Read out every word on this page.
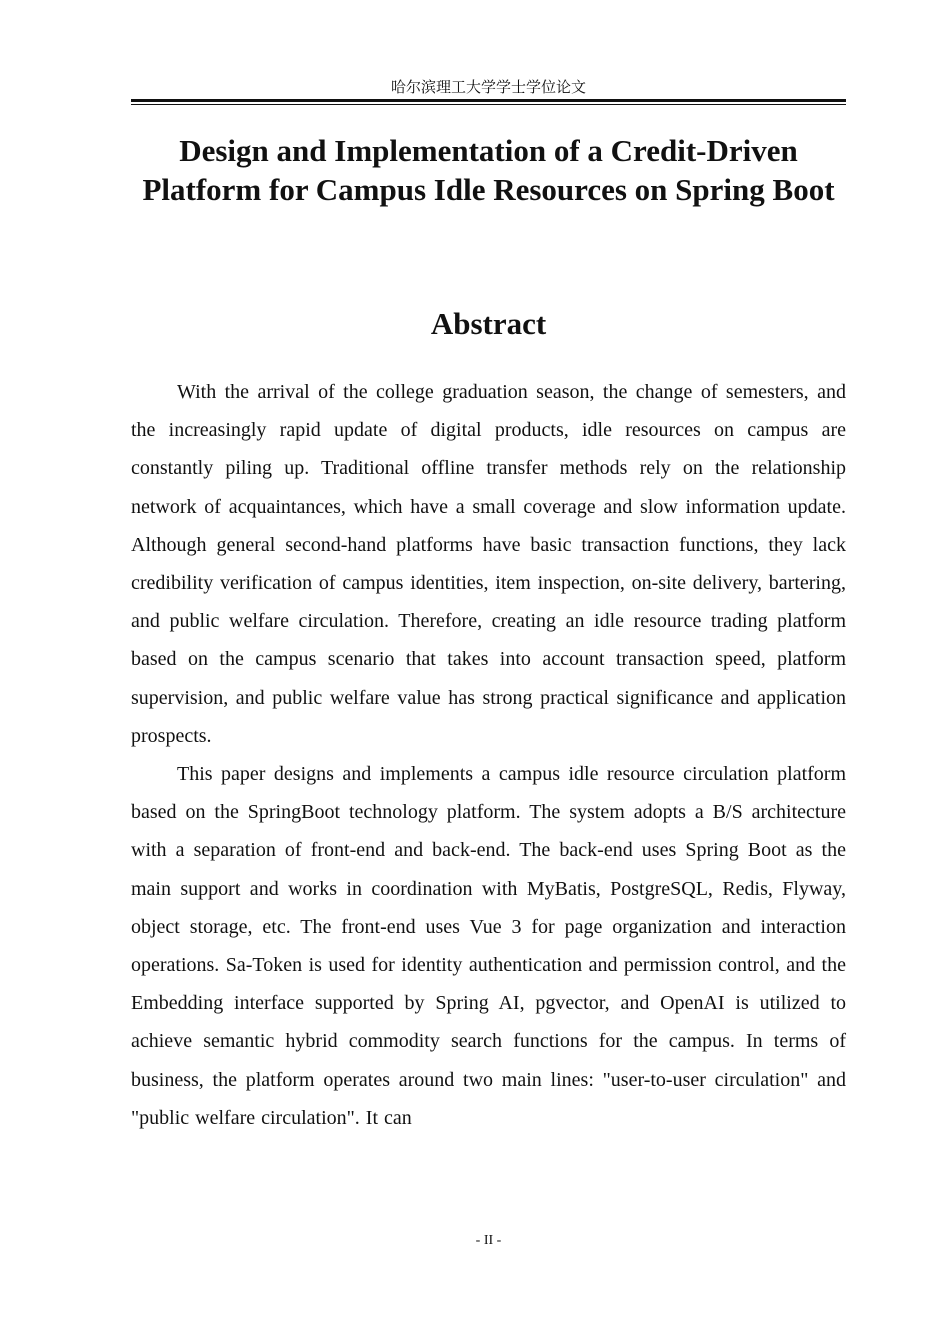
哈尔滨理工大学学士学位论文
Design and Implementation of a Credit-Driven Platform for Campus Idle Resources on Spring Boot
Abstract

With the arrival of the college graduation season, the change of semesters, and the increasingly rapid update of digital products, idle resources on campus are constantly piling up. Traditional offline transfer methods rely on the relationship network of acquaintances, which have a small coverage and slow information update. Although general second-hand platforms have basic transaction functions, they lack credibility verification of campus identities, item inspection, on-site delivery, bartering, and public welfare circulation. Therefore, creating an idle resource trading platform based on the campus scenario that takes into account transaction speed, platform supervision, and public welfare value has strong practical significance and application prospects.

This paper designs and implements a campus idle resource circulation platform based on the SpringBoot technology platform. The system adopts a B/S architecture with a separation of front-end and back-end. The back-end uses Spring Boot as the main support and works in coordination with MyBatis, PostgreSQL, Redis, Flyway, object storage, etc. The front-end uses Vue 3 for page organization and interaction operations. Sa-Token is used for identity authentication and permission control, and the Embedding interface supported by Spring AI, pgvector, and OpenAI is utilized to achieve semantic hybrid commodity search functions for the campus. In terms of business, the platform operates around two main lines: "user-to-user circulation" and "public welfare circulation". It can

- II -
